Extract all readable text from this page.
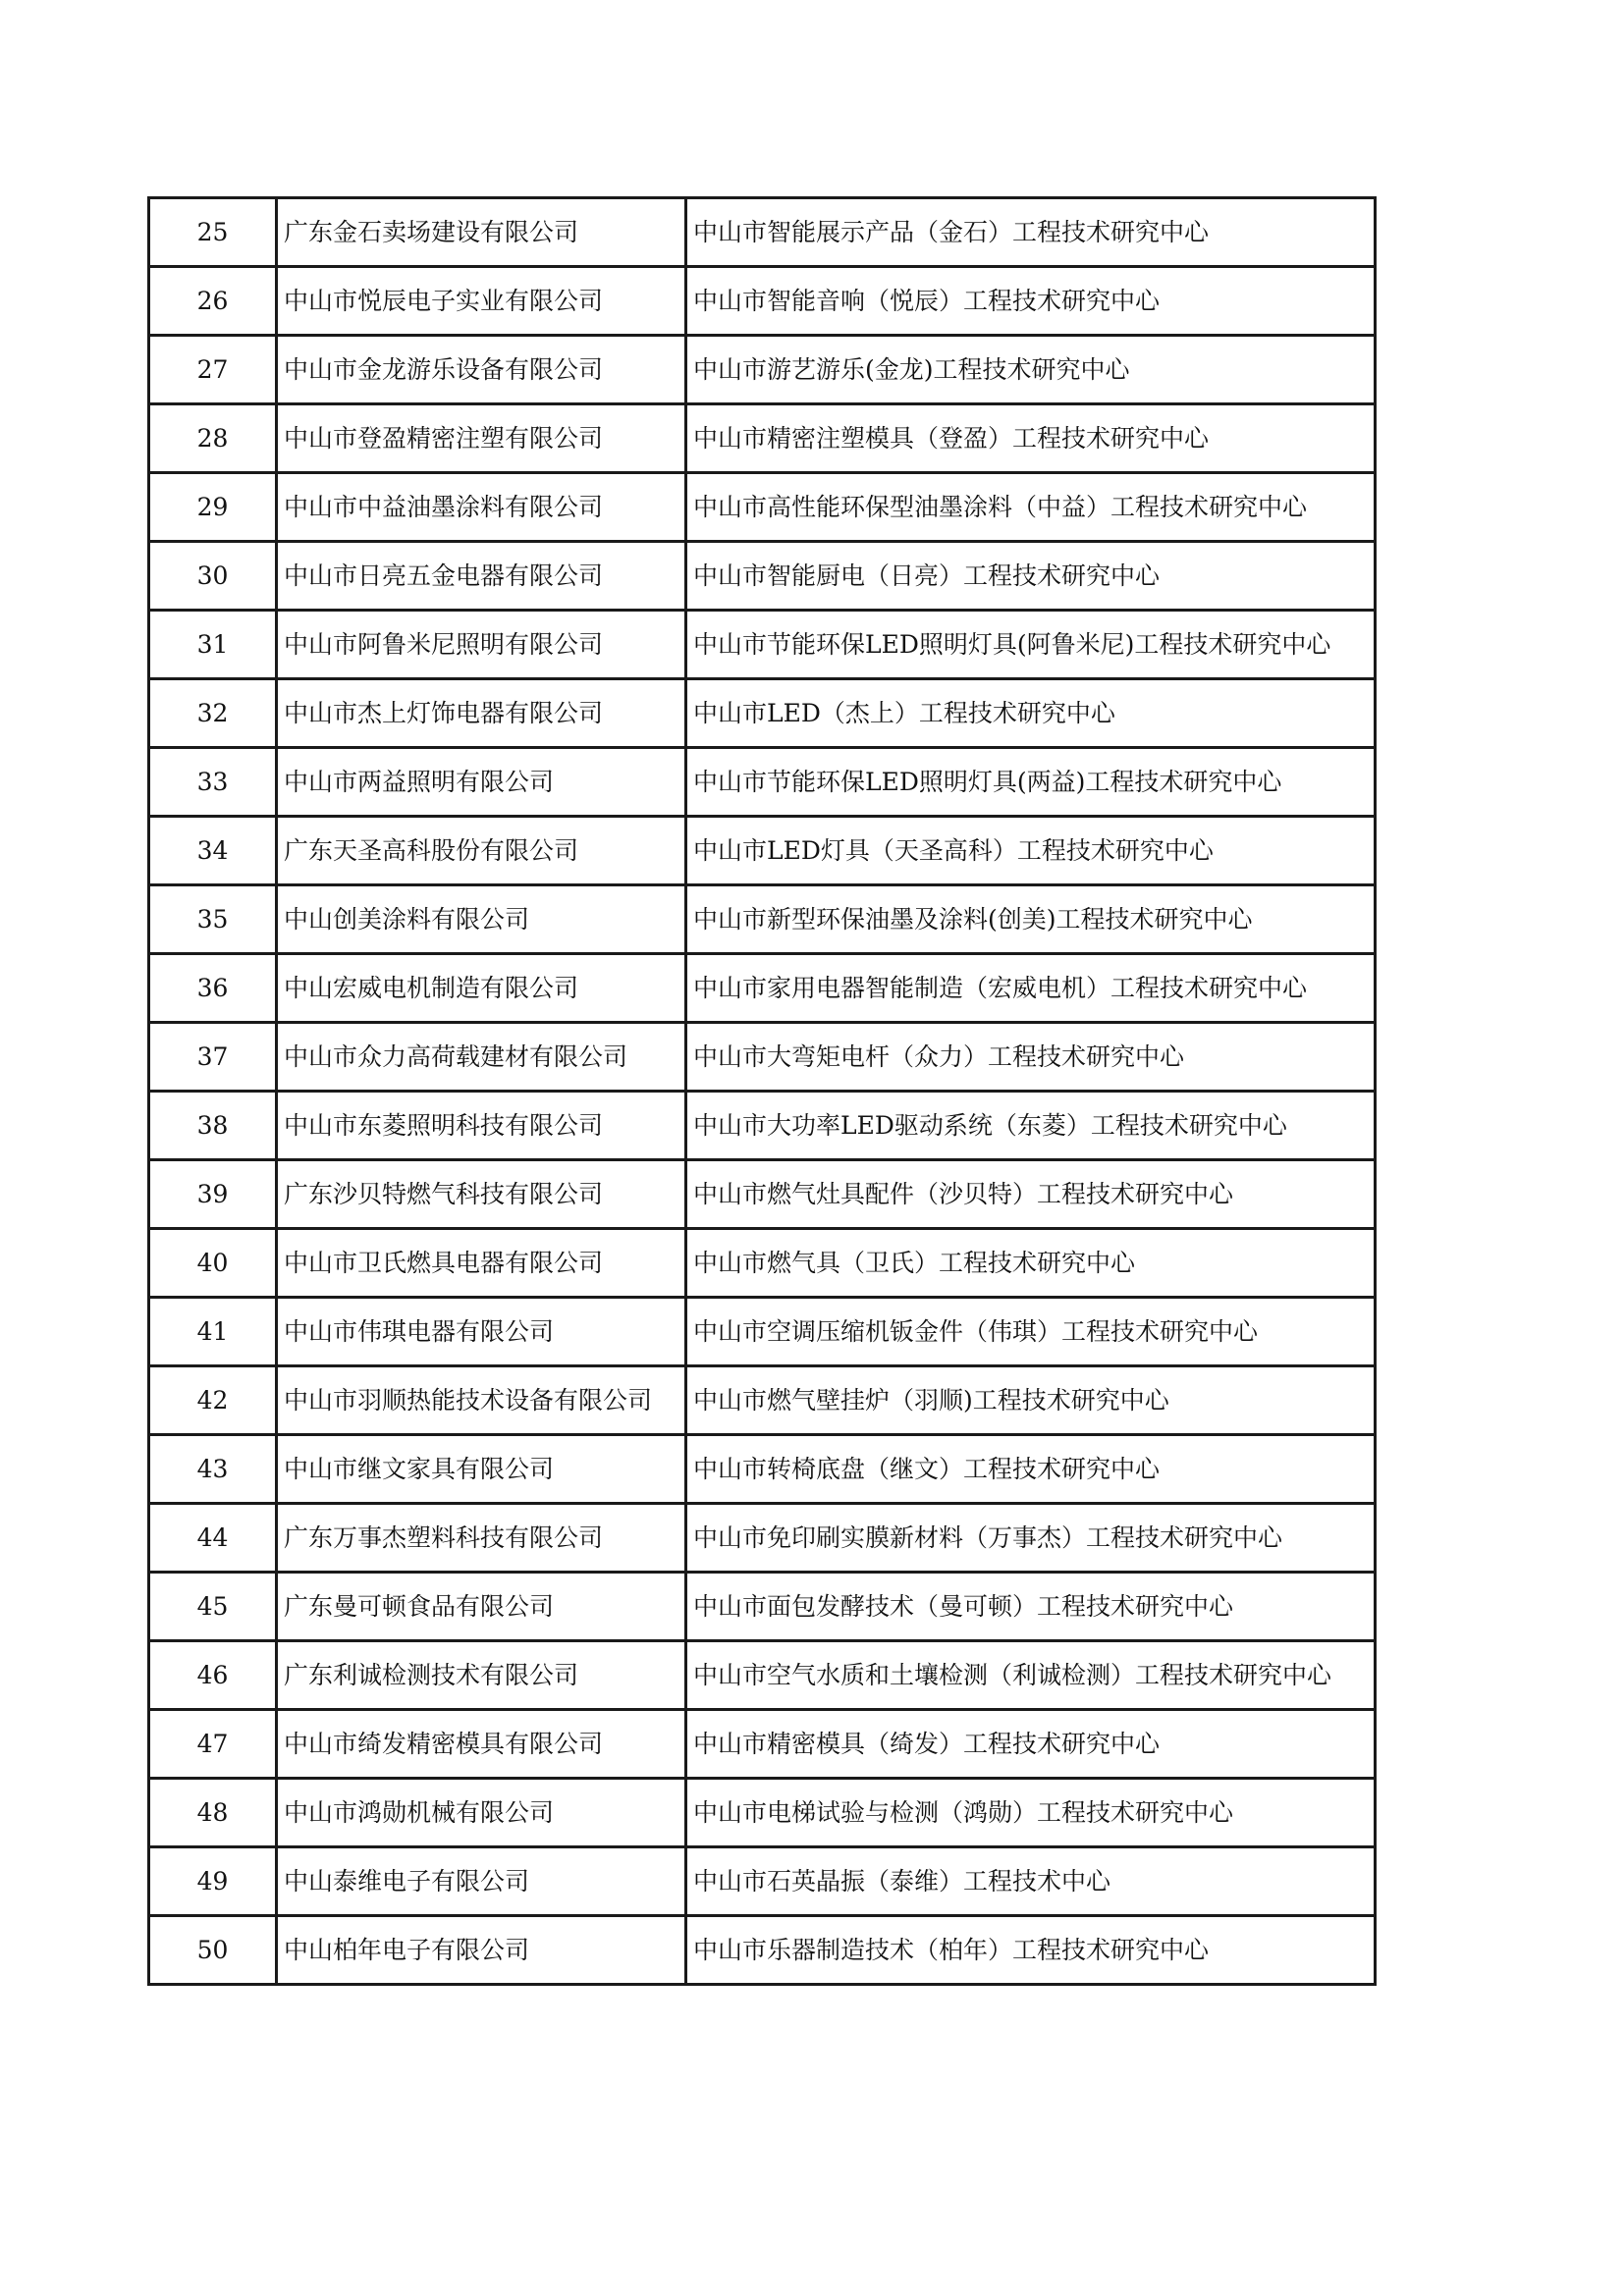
25	广东金石卖场建设有限公司	中山市智能展示产品（金石）工程技术研究中心
26	中山市悦辰电子实业有限公司	中山市智能音响（悦辰）工程技术研究中心
27	中山市金龙游乐设备有限公司	中山市游艺游乐(金龙)工程技术研究中心
28	中山市登盈精密注塑有限公司	中山市精密注塑模具（登盈）工程技术研究中心
29	中山市中益油墨涂料有限公司	中山市高性能环保型油墨涂料（中益）工程技术研究中心
30	中山市日亮五金电器有限公司	中山市智能厨电（日亮）工程技术研究中心
31	中山市阿鲁米尼照明有限公司	中山市节能环保LED照明灯具(阿鲁米尼)工程技术研究中心
32	中山市杰上灯饰电器有限公司	中山市LED（杰上）工程技术研究中心
33	中山市两益照明有限公司	中山市节能环保LED照明灯具(两益)工程技术研究中心
34	广东天圣高科股份有限公司	中山市LED灯具（天圣高科）工程技术研究中心
35	中山创美涂料有限公司	中山市新型环保油墨及涂料(创美)工程技术研究中心
36	中山宏威电机制造有限公司	中山市家用电器智能制造（宏威电机）工程技术研究中心
37	中山市众力高荷载建材有限公司	中山市大弯矩电杆（众力）工程技术研究中心
38	中山市东菱照明科技有限公司	中山市大功率LED驱动系统（东菱）工程技术研究中心
39	广东沙贝特燃气科技有限公司	中山市燃气灶具配件（沙贝特）工程技术研究中心
40	中山市卫氏燃具电器有限公司	中山市燃气具（卫氏）工程技术研究中心
41	中山市伟琪电器有限公司	中山市空调压缩机钣金件（伟琪）工程技术研究中心
42	中山市羽顺热能技术设备有限公司	中山市燃气壁挂炉（羽顺)工程技术研究中心
43	中山市继文家具有限公司	中山市转椅底盘（继文）工程技术研究中心
44	广东万事杰塑料科技有限公司	中山市免印刷实膜新材料（万事杰）工程技术研究中心
45	广东曼可顿食品有限公司	中山市面包发酵技术（曼可顿）工程技术研究中心
46	广东利诚检测技术有限公司	中山市空气水质和土壤检测（利诚检测）工程技术研究中心
47	中山市绮发精密模具有限公司	中山市精密模具（绮发）工程技术研究中心
48	中山市鸿勋机械有限公司	中山市电梯试验与检测（鸿勋）工程技术研究中心
49	中山泰维电子有限公司	中山市石英晶振（泰维）工程技术中心
50	中山柏年电子有限公司	中山市乐器制造技术（柏年）工程技术研究中心
